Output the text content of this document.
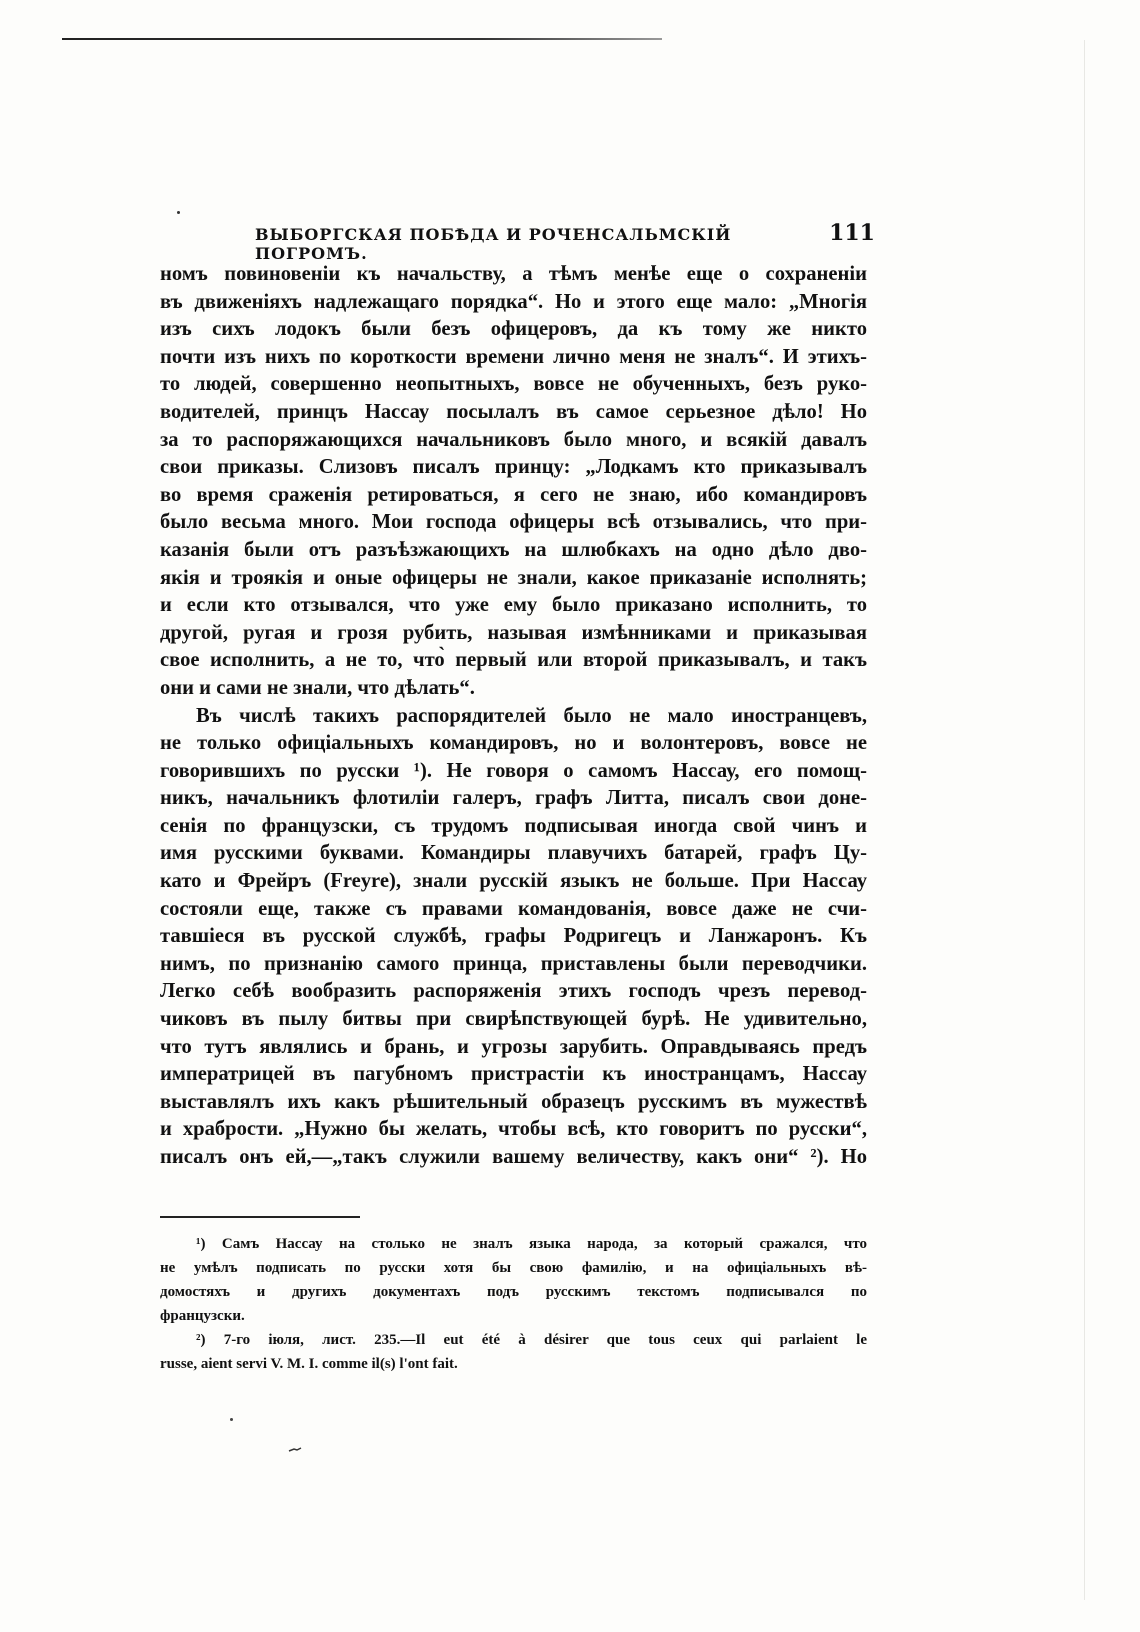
ВЫБОРГСКАЯ ПОБѢДА И РОЧЕНСАЛЬМСКІЙ ПОГРОМЪ.
111
номъ повиновенiи къ начальству, а тѣмъ менѣе еще о сохраненiи
въ движенiяхъ надлежащаго порядка“. Но и этого еще мало: „Многiя
изъ сихъ лодокъ были безъ офицеровъ, да къ тому же никто
почти изъ нихъ по короткости времени лично меня не зналъ“. И этихъ-
то людей, совершенно неопытныхъ, вовсе не обученныхъ, безъ руко-
водителей, принцъ Нассау посылалъ въ самое серьезное дѣло! Но
за то распоряжающихся начальниковъ было много, и всякiй давалъ
свои приказы. Слизовъ писалъ принцу: „Лодкамъ кто приказывалъ
во время сраженiя ретироваться, я сего не знаю, ибо командировъ
было весьма много. Мои господа офицеры всѣ отзывались, что при-
казанiя были отъ разъѣзжающихъ на шлюбкахъ на одно дѣло дво-
якiя и троякiя и оные офицеры не знали, какое приказанiе исполнять;
и если кто отзывался, что уже ему было приказано исполнить, то
другой, ругая и грозя рубить, называя измѣнниками и приказывая
свое исполнить, а не то, что̀ первый или второй приказывалъ, и такъ
они и сами не знали, что дѣлать“.
Въ числѣ такихъ распорядителей было не мало иностранцевъ,
не только офицiальныхъ командировъ, но и волонтеровъ, вовсе не
говорившихъ по русски ¹). Не говоря о самомъ Нассау, его помощ-
никъ, начальникъ флотилiи галеръ, графъ Литта, писалъ свои доне-
сенiя по французски, съ трудомъ подписывая иногда свой чинъ и
имя русскими буквами. Командиры плавучихъ батарей, графъ Цу-
като и Фрейръ (Freyre), знали русскiй языкъ не больше. При Нассау
состояли еще, также съ правами командованiя, вовсе даже не счи-
тавшiеся въ русской службѣ, графы Родригецъ и Ланжаронъ. Къ
нимъ, по признанiю самого принца, приставлены были переводчики.
Легко себѣ вообразить распоряженiя этихъ господъ чрезъ перевод-
чиковъ въ пылу битвы при свирѣпствующей бурѣ. Не удивительно,
что тутъ являлись и брань, и угрозы зарубить. Оправдываясь предъ
императрицей въ пагубномъ пристрастiи къ иностранцамъ, Нассау
выставлялъ ихъ какъ рѣшительный образецъ русскимъ въ мужествѣ
и храбрости. „Нужно бы желать, чтобы всѣ, кто говоритъ по русски“,
писалъ онъ ей,—„такъ служили вашему величеству, какъ они“ ²). Но
¹) Самъ Нассау на столько не зналъ языка народа, за который сражался, что
не умѣлъ подписать по русски хотя бы свою фамилiю, и на офицiальныхъ вѣ-
домостяхъ и другихъ документахъ подъ русскимъ текстомъ подписывался по
французски.
²) 7-го iюля, лист. 235.—Il eut été à désirer que tous ceux qui parlaient le
russe, aient servi V. M. I. comme il(s) l'ont fait.
